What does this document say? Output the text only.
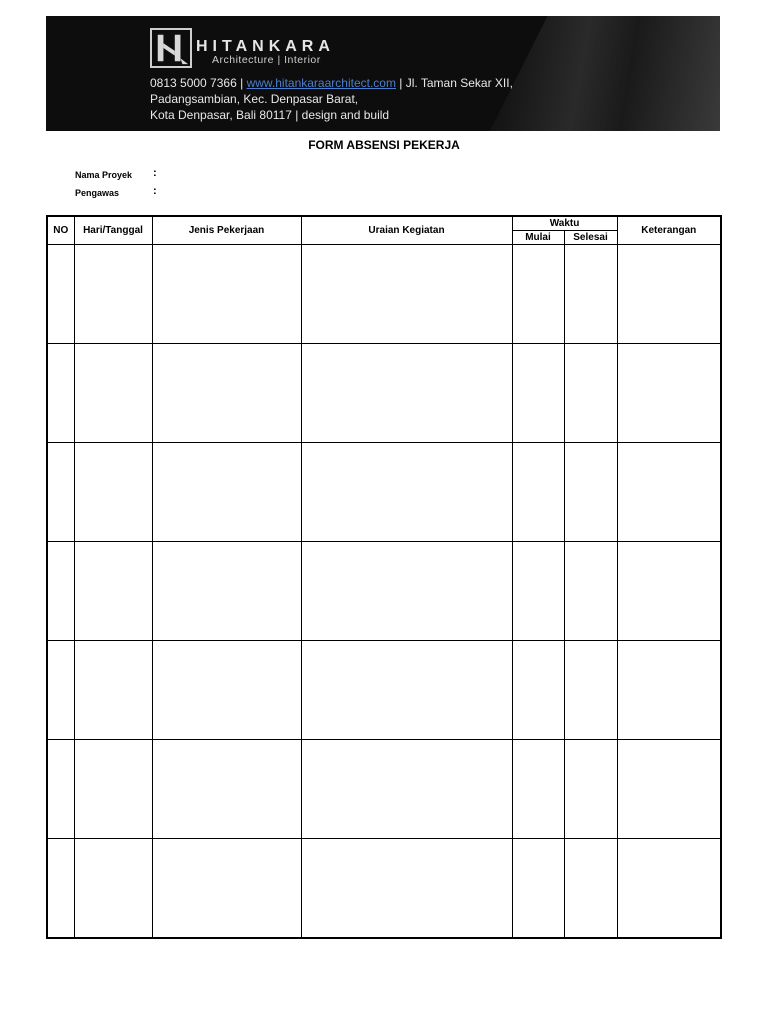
HITANKARA
Architecture | Interior
0813 5000 7366 | www.hitankaraarchitect.com | Jl. Taman Sekar XII,
Padangsambian, Kec. Denpasar Barat,
Kota Denpasar, Bali 80117 | design and build
FORM ABSENSI PEKERJA
Nama Proyek :
Pengawas	:
NO	Hari/Tanggal	Jenis Pekerjaan	Uraian Kegiatan	Waktu		Keterangan
				Mulai	Selesai	
